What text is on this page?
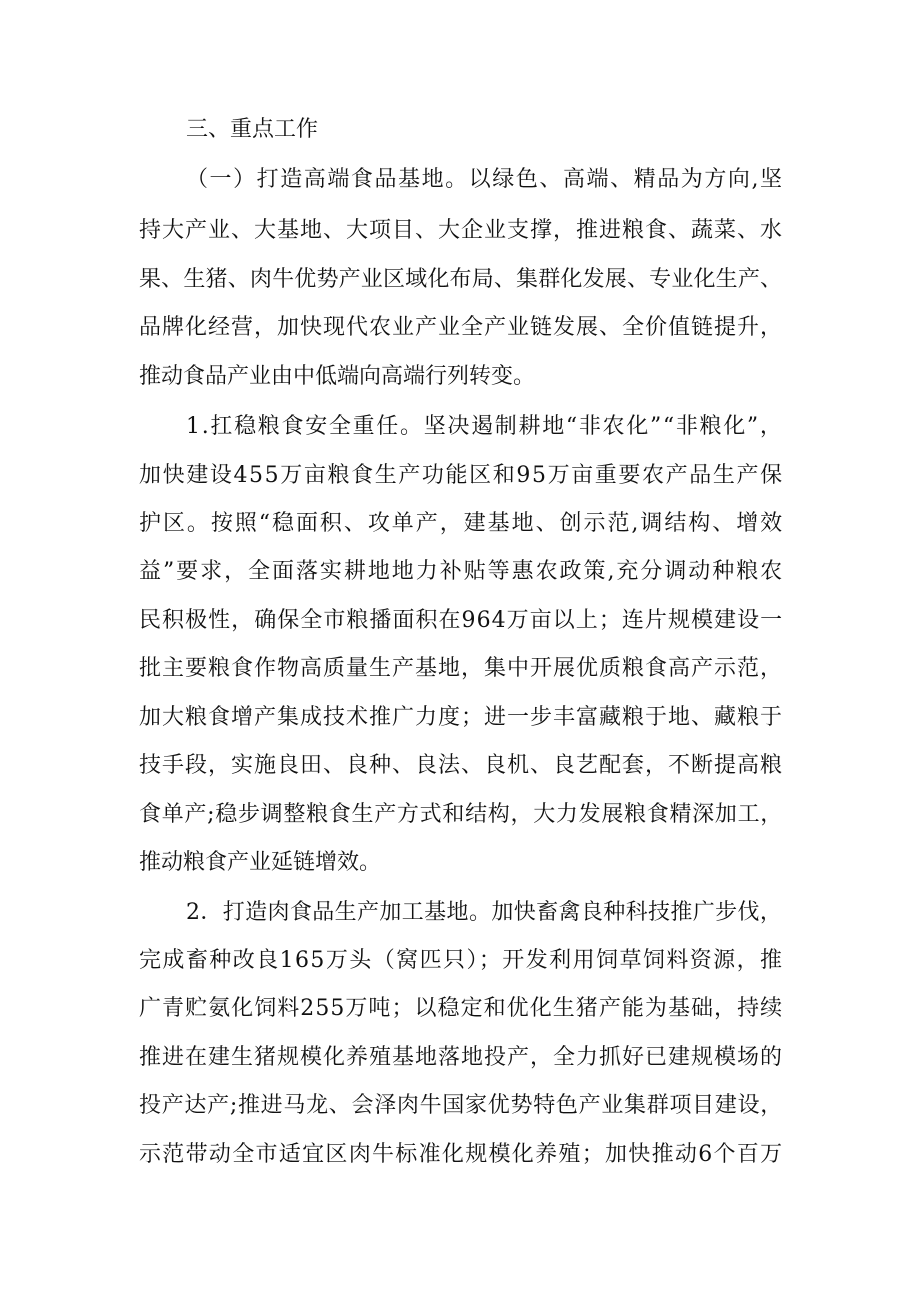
三、重点工作
（一）打造高端食品基地。以绿色、高端、精品为方向,坚
持大产业、大基地、大项目、大企业支撑，推进粮食、蔬菜、水
果、生猪、肉牛优势产业区域化布局、集群化发展、专业化生产、
品牌化经营，加快现代农业产业全产业链发展、全价值链提升，
推动食品产业由中低端向高端行列转变。
1.扛稳粮食安全重任。坚决遏制耕地“非农化”“非粮化”，
加快建设455万亩粮食生产功能区和95万亩重要农产品生产保
护区。按照“稳面积、攻单产，建基地、创示范,调结构、增效
益”要求，全面落实耕地地力补贴等惠农政策,充分调动种粮农
民积极性，确保全市粮播面积在964万亩以上；连片规模建设一
批主要粮食作物高质量生产基地，集中开展优质粮食高产示范，
加大粮食增产集成技术推广力度；进一步丰富藏粮于地、藏粮于
技手段，实施良田、良种、良法、良机、良艺配套，不断提高粮
食单产;稳步调整粮食生产方式和结构，大力发展粮食精深加工，
推动粮食产业延链增效。
2．打造肉食品生产加工基地。加快畜禽良种科技推广步伐，
完成畜种改良165万头（窝匹只）；开发利用饲草饲料资源，推
广青贮氨化饲料255万吨；以稳定和优化生猪产能为基础，持续
推进在建生猪规模化养殖基地落地投产，全力抓好已建规模场的
投产达产;推进马龙、会泽肉牛国家优势特色产业集群项目建设，
示范带动全市适宜区肉牛标准化规模化养殖；加快推动6个百万
